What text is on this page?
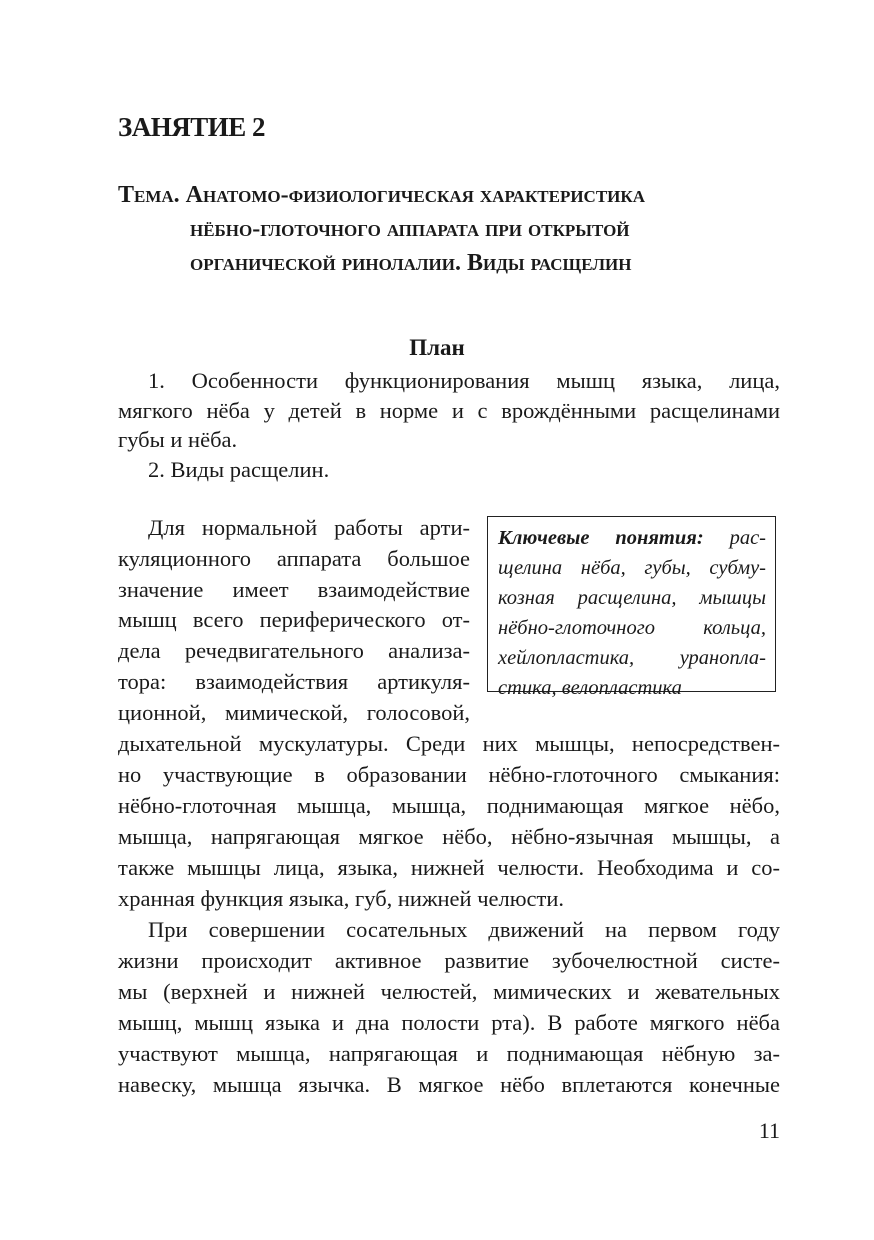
ЗАНЯТИЕ 2
Тема. Анатомо-физиологическая характеристика
нёбно-глоточного аппарата при открытой
органической ринолалии. Виды расщелин
План
1. Особенности функционирования мышц языка, лица,
мягкого нёба у детей в норме и с врождёнными расщелинами
губы и нёба.
2. Виды расщелин.
Для нормальной работы арти-
куляционного аппарата большое
значение имеет взаимодействие
мышц всего периферического от-
дела речедвигательного анализа-
тора: взаимодействия артикуля-
ционной, мимической, голосовой,
дыхательной мускулатуры. Среди них мышцы, непосредствен-
но участвующие в образовании нёбно-глоточного смыкания:
нёбно-глоточная мышца, мышца, поднимающая мягкое нёбо,
мышца, напрягающая мягкое нёбо, нёбно-язычная мышцы, а
также мышцы лица, языка, нижней челюсти. Необходима и со-
хранная функция языка, губ, нижней челюсти.
При совершении сосательных движений на первом году
жизни происходит активное развитие зубочелюстной систе-
мы (верхней и нижней челюстей, мимических и жевательных
мышц, мышц языка и дна полости рта). В работе мягкого нёба
участвуют мышца, напрягающая и поднимающая нёбную за-
навеску, мышца язычка. В мягкое нёбо вплетаются конечные
Ключевые понятия: рас-
щелина нёба, губы, субму-
козная расщелина, мышцы
нёбно-глоточного кольца,
хейлопластика, уранопла-
стика, велопластика
11
